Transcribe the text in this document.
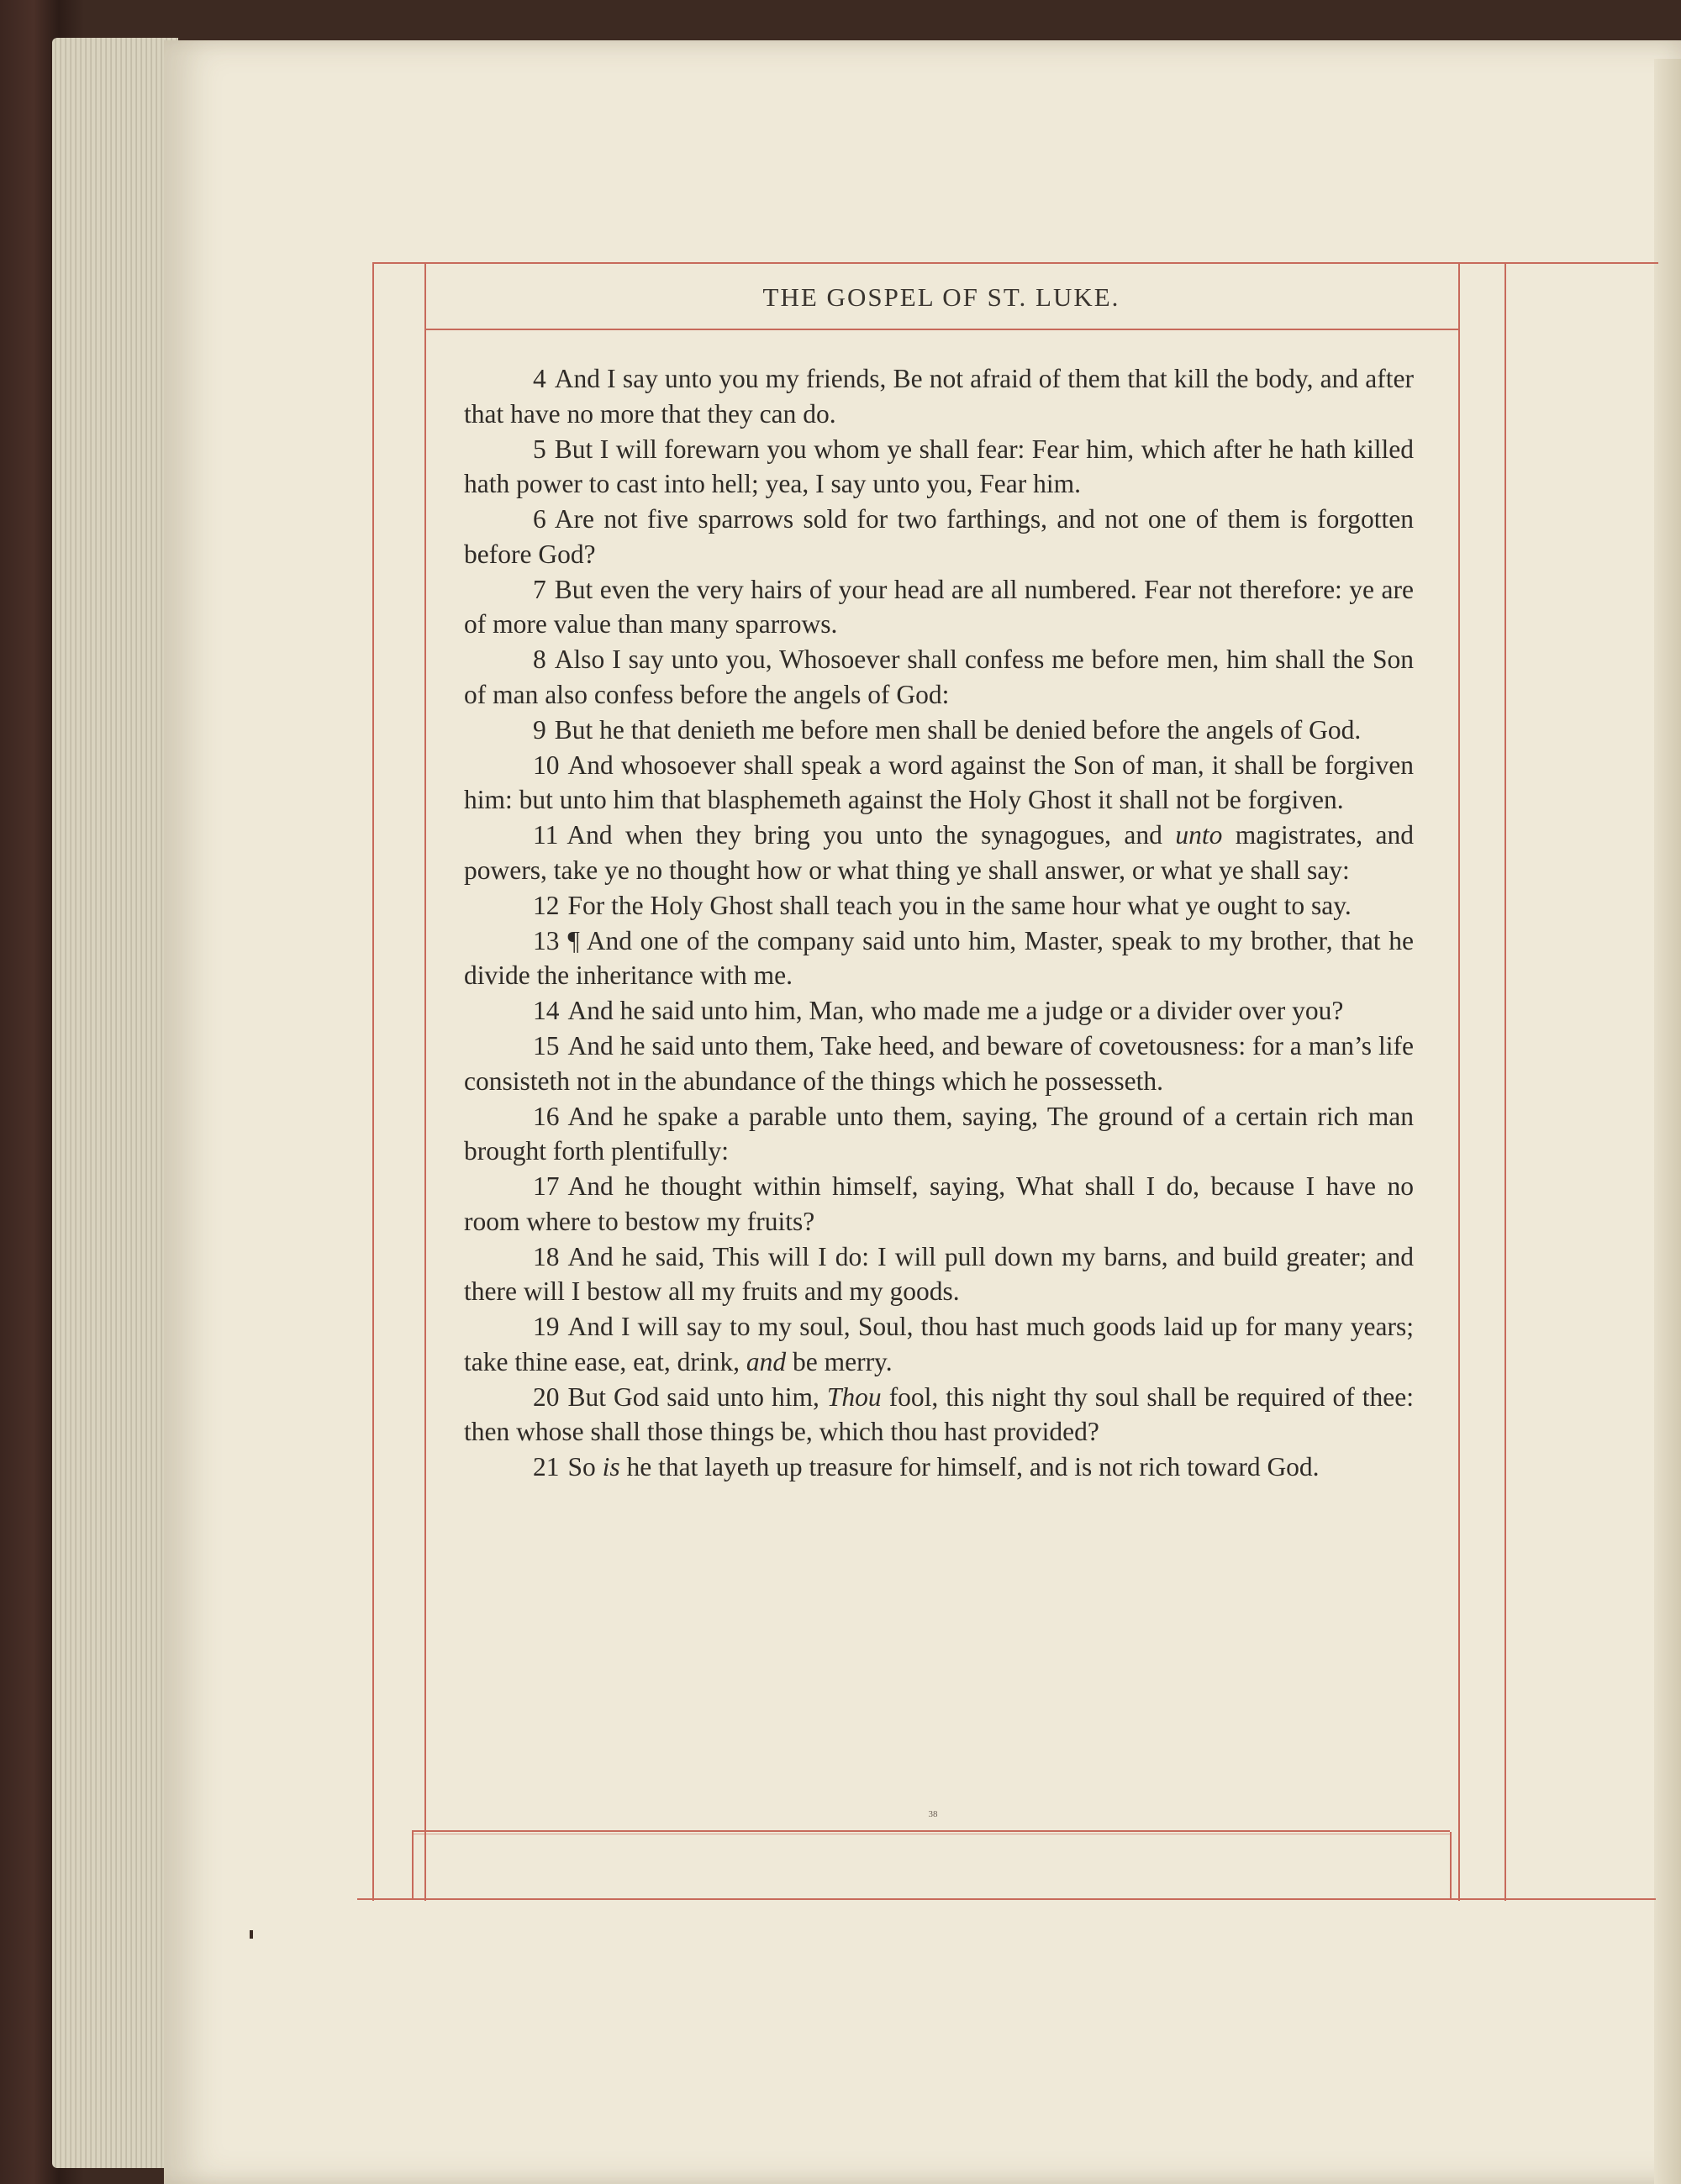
THE GOSPEL OF ST. LUKE.
4 And I say unto you my friends, Be not afraid of them that kill the body, and after that have no more that they can do.
5 But I will forewarn you whom ye shall fear: Fear him, which after he hath killed hath power to cast into hell; yea, I say unto you, Fear him.
6 Are not five sparrows sold for two farthings, and not one of them is forgotten before God?
7 But even the very hairs of your head are all numbered. Fear not therefore: ye are of more value than many sparrows.
8 Also I say unto you, Whosoever shall confess me before men, him shall the Son of man also confess before the angels of God:
9 But he that denieth me before men shall be denied before the angels of God.
10 And whosoever shall speak a word against the Son of man, it shall be forgiven him: but unto him that blasphemeth against the Holy Ghost it shall not be forgiven.
11 And when they bring you unto the synagogues, and unto magistrates, and powers, take ye no thought how or what thing ye shall answer, or what ye shall say:
12 For the Holy Ghost shall teach you in the same hour what ye ought to say.
13 ¶ And one of the company said unto him, Master, speak to my brother, that he divide the inheritance with me.
14 And he said unto him, Man, who made me a judge or a divider over you?
15 And he said unto them, Take heed, and beware of covetousness: for a man’s life consisteth not in the abundance of the things which he possesseth.
16 And he spake a parable unto them, saying, The ground of a certain rich man brought forth plentifully:
17 And he thought within himself, saying, What shall I do, because I have no room where to bestow my fruits?
18 And he said, This will I do: I will pull down my barns, and build greater; and there will I bestow all my fruits and my goods.
19 And I will say to my soul, Soul, thou hast much goods laid up for many years; take thine ease, eat, drink, and be merry.
20 But God said unto him, Thou fool, this night thy soul shall be required of thee: then whose shall those things be, which thou hast provided?
21 So is he that layeth up treasure for himself, and is not rich toward God.
38
